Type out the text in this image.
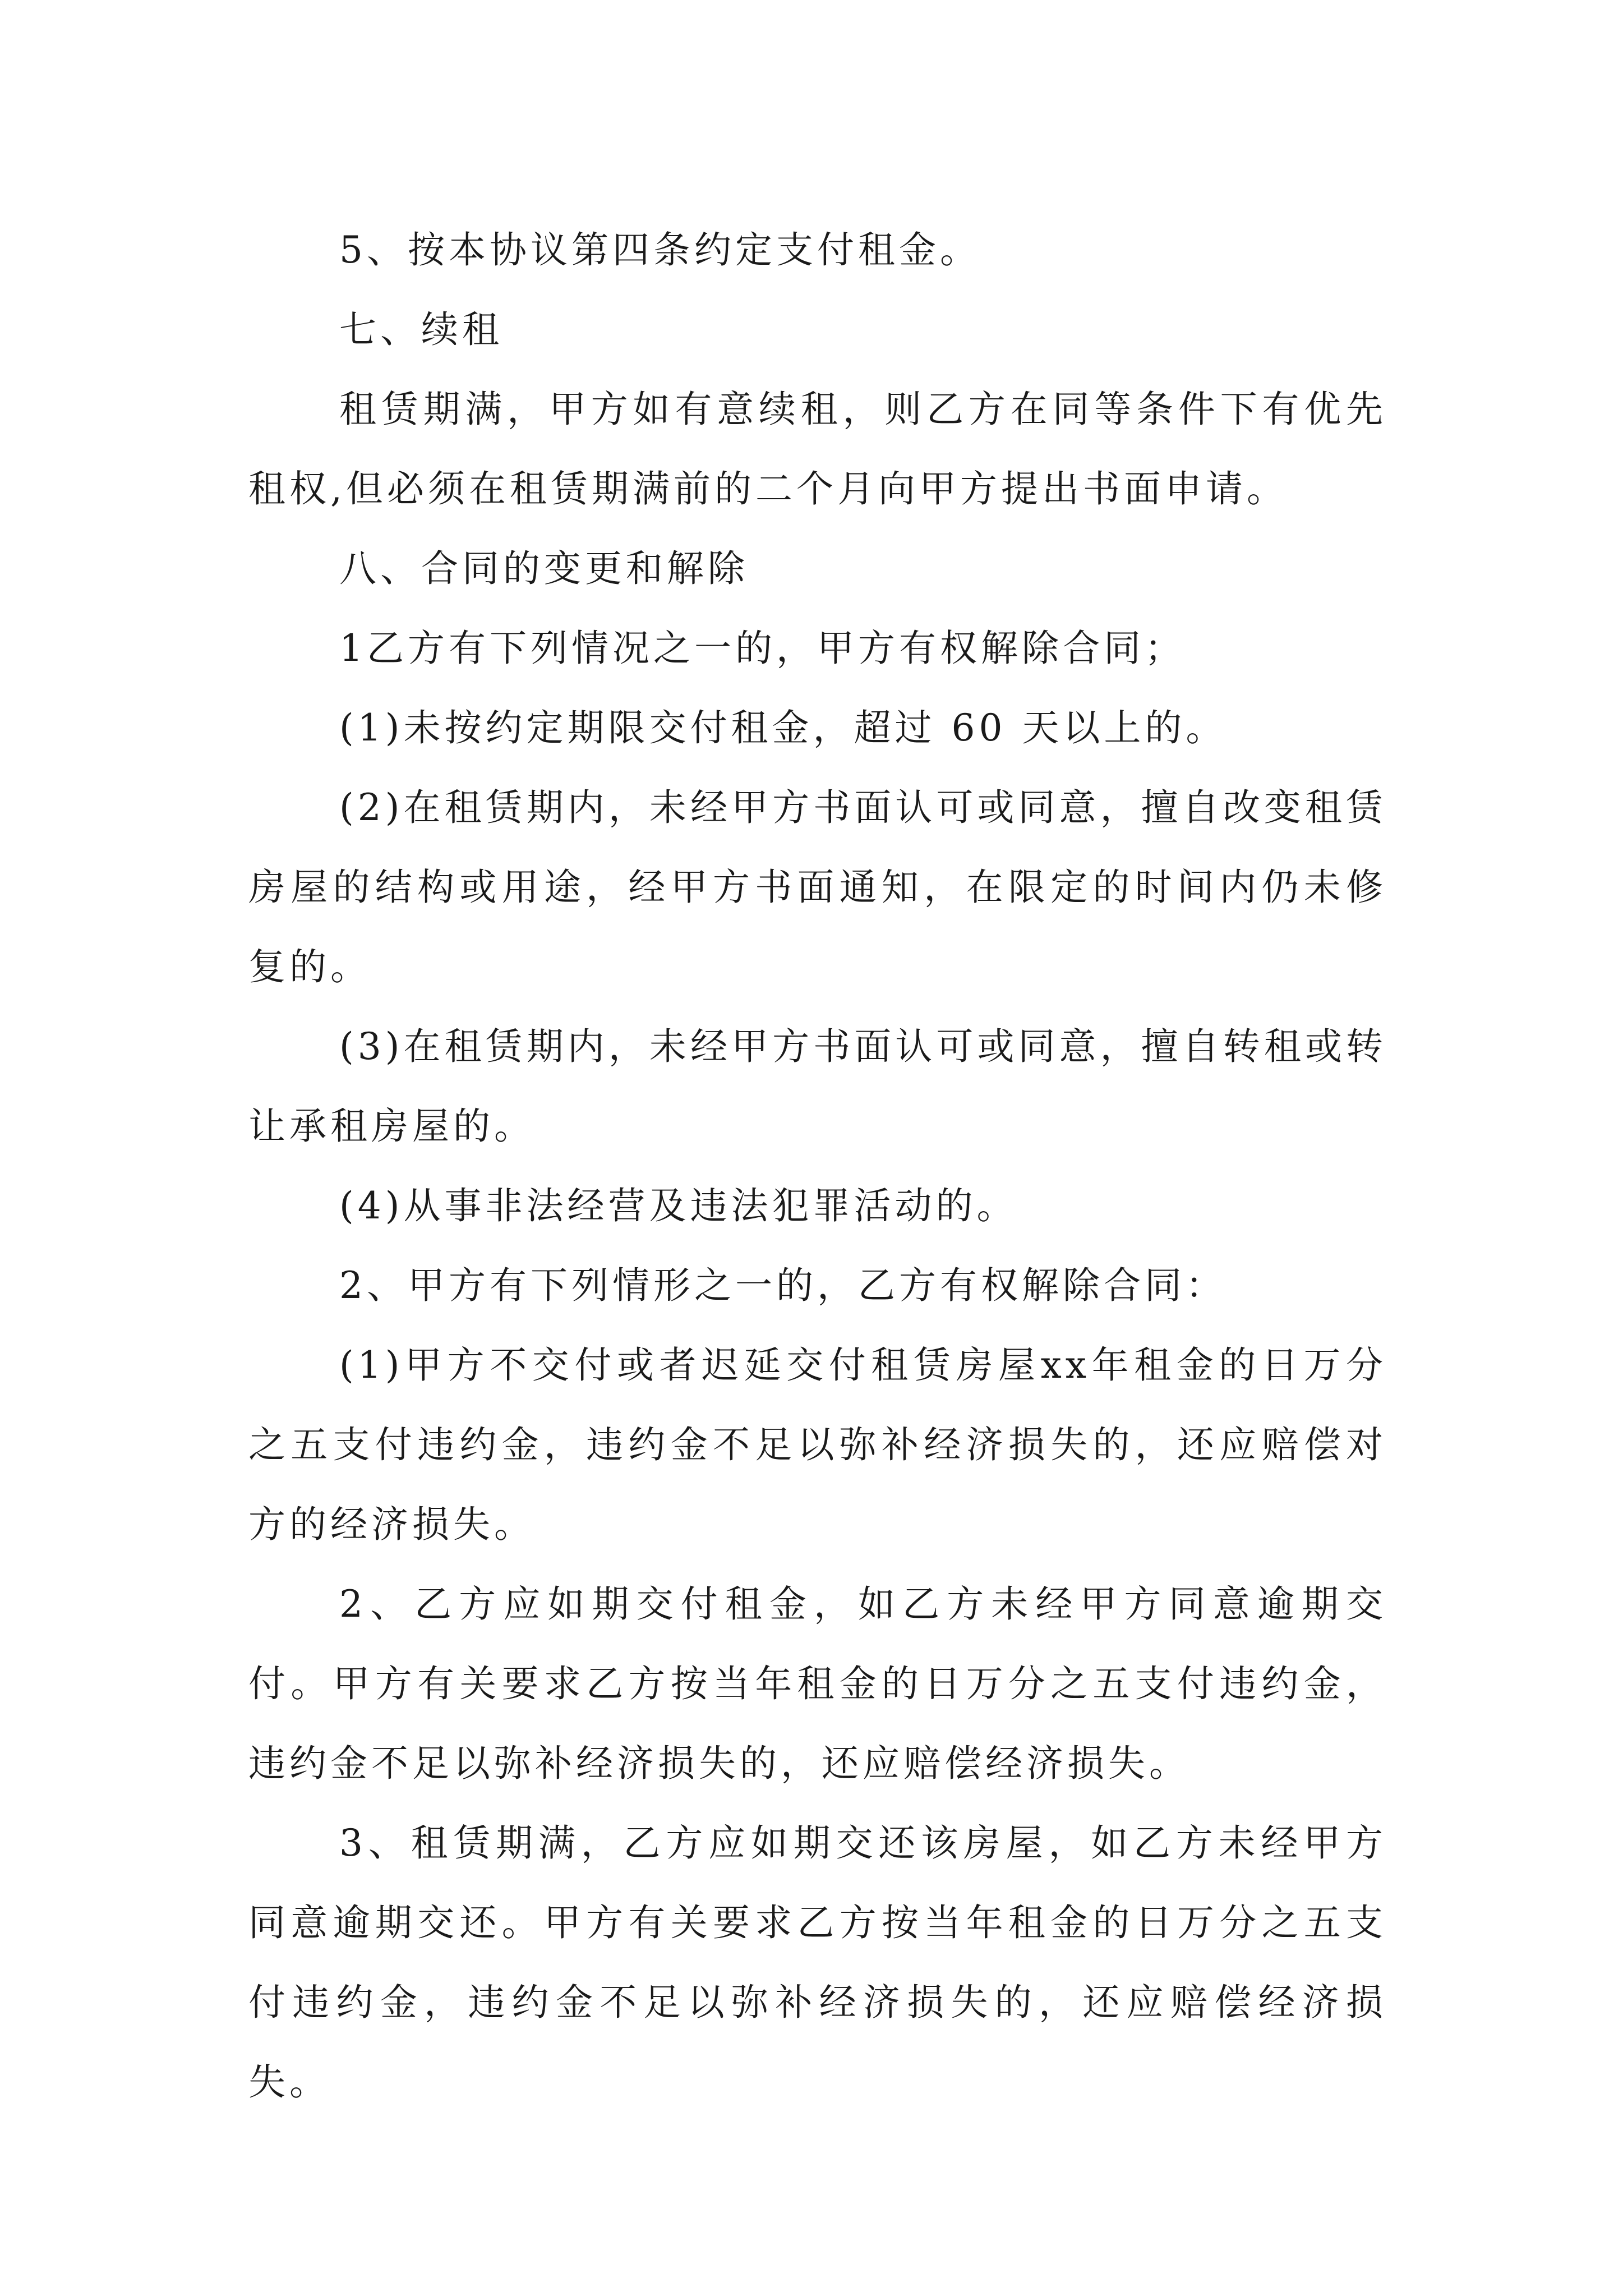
5、按本协议第四条约定支付租金。

七、续租

租赁期满，甲方如有意续租，则乙方在同等条件下有优先租权,但必须在租赁期满前的二个月向甲方提出书面申请。

八、合同的变更和解除

1乙方有下列情况之一的，甲方有权解除合同；

(1)未按约定期限交付租金，超过 60 天以上的。

(2)在租赁期内，未经甲方书面认可或同意，擅自改变租赁房屋的结构或用途，经甲方书面通知，在限定的时间内仍未修复的。

(3)在租赁期内，未经甲方书面认可或同意，擅自转租或转让承租房屋的。

(4)从事非法经营及违法犯罪活动的。

2、甲方有下列情形之一的，乙方有权解除合同：

(1)甲方不交付或者迟延交付租赁房屋xx年租金的日万分之五支付违约金，违约金不足以弥补经济损失的，还应赔偿对方的经济损失。

2、乙方应如期交付租金，如乙方未经甲方同意逾期交付。甲方有关要求乙方按当年租金的日万分之五支付违约金，违约金不足以弥补经济损失的，还应赔偿经济损失。

3、租赁期满，乙方应如期交还该房屋，如乙方未经甲方同意逾期交还。甲方有关要求乙方按当年租金的日万分之五支付违约金，违约金不足以弥补经济损失的，还应赔偿经济损失。
